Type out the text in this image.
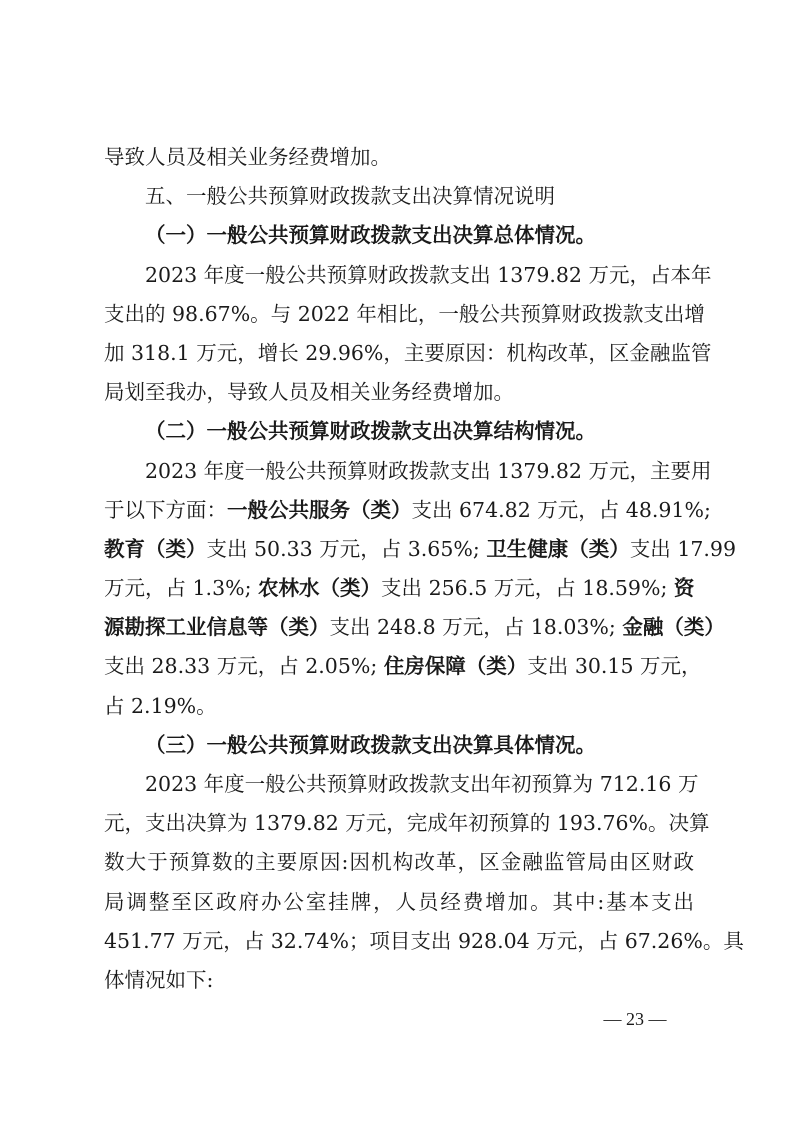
导致人员及相关业务经费增加。
五、一般公共预算财政拨款支出决算情况说明
（一）一般公共预算财政拨款支出决算总体情况。
2023 年度一般公共预算财政拨款支出 1379.82 万元，占本年
支出的 98.67%。与 2022 年相比，一般公共预算财政拨款支出增
加 318.1 万元，增长 29.96%，主要原因：机构改革，区金融监管
局划至我办，导致人员及相关业务经费增加。
（二）一般公共预算财政拨款支出决算结构情况。
2023 年度一般公共预算财政拨款支出 1379.82 万元，主要用
于以下方面：一般公共服务（类）支出 674.82 万元，占 48.91%;
教育（类）支出 50.33 万元，占 3.65%; 卫生健康（类）支出 17.99
万元，占 1.3%; 农林水（类）支出 256.5 万元，占 18.59%; 资
源勘探工业信息等（类）支出 248.8 万元，占 18.03%; 金融（类）
支出 28.33 万元，占 2.05%; 住房保障（类）支出 30.15 万元，
占 2.19%。
（三）一般公共预算财政拨款支出决算具体情况。
2023 年度一般公共预算财政拨款支出年初预算为 712.16 万
元，支出决算为 1379.82 万元，完成年初预算的 193.76%。决算
数大于预算数的主要原因:因机构改革，区金融监管局由区财政
局调整至区政府办公室挂牌，人员经费增加。其中:基本支出
451.77 万元，占 32.74%；项目支出 928.04 万元，占 67.26%。具
体情况如下:
— 23 —
